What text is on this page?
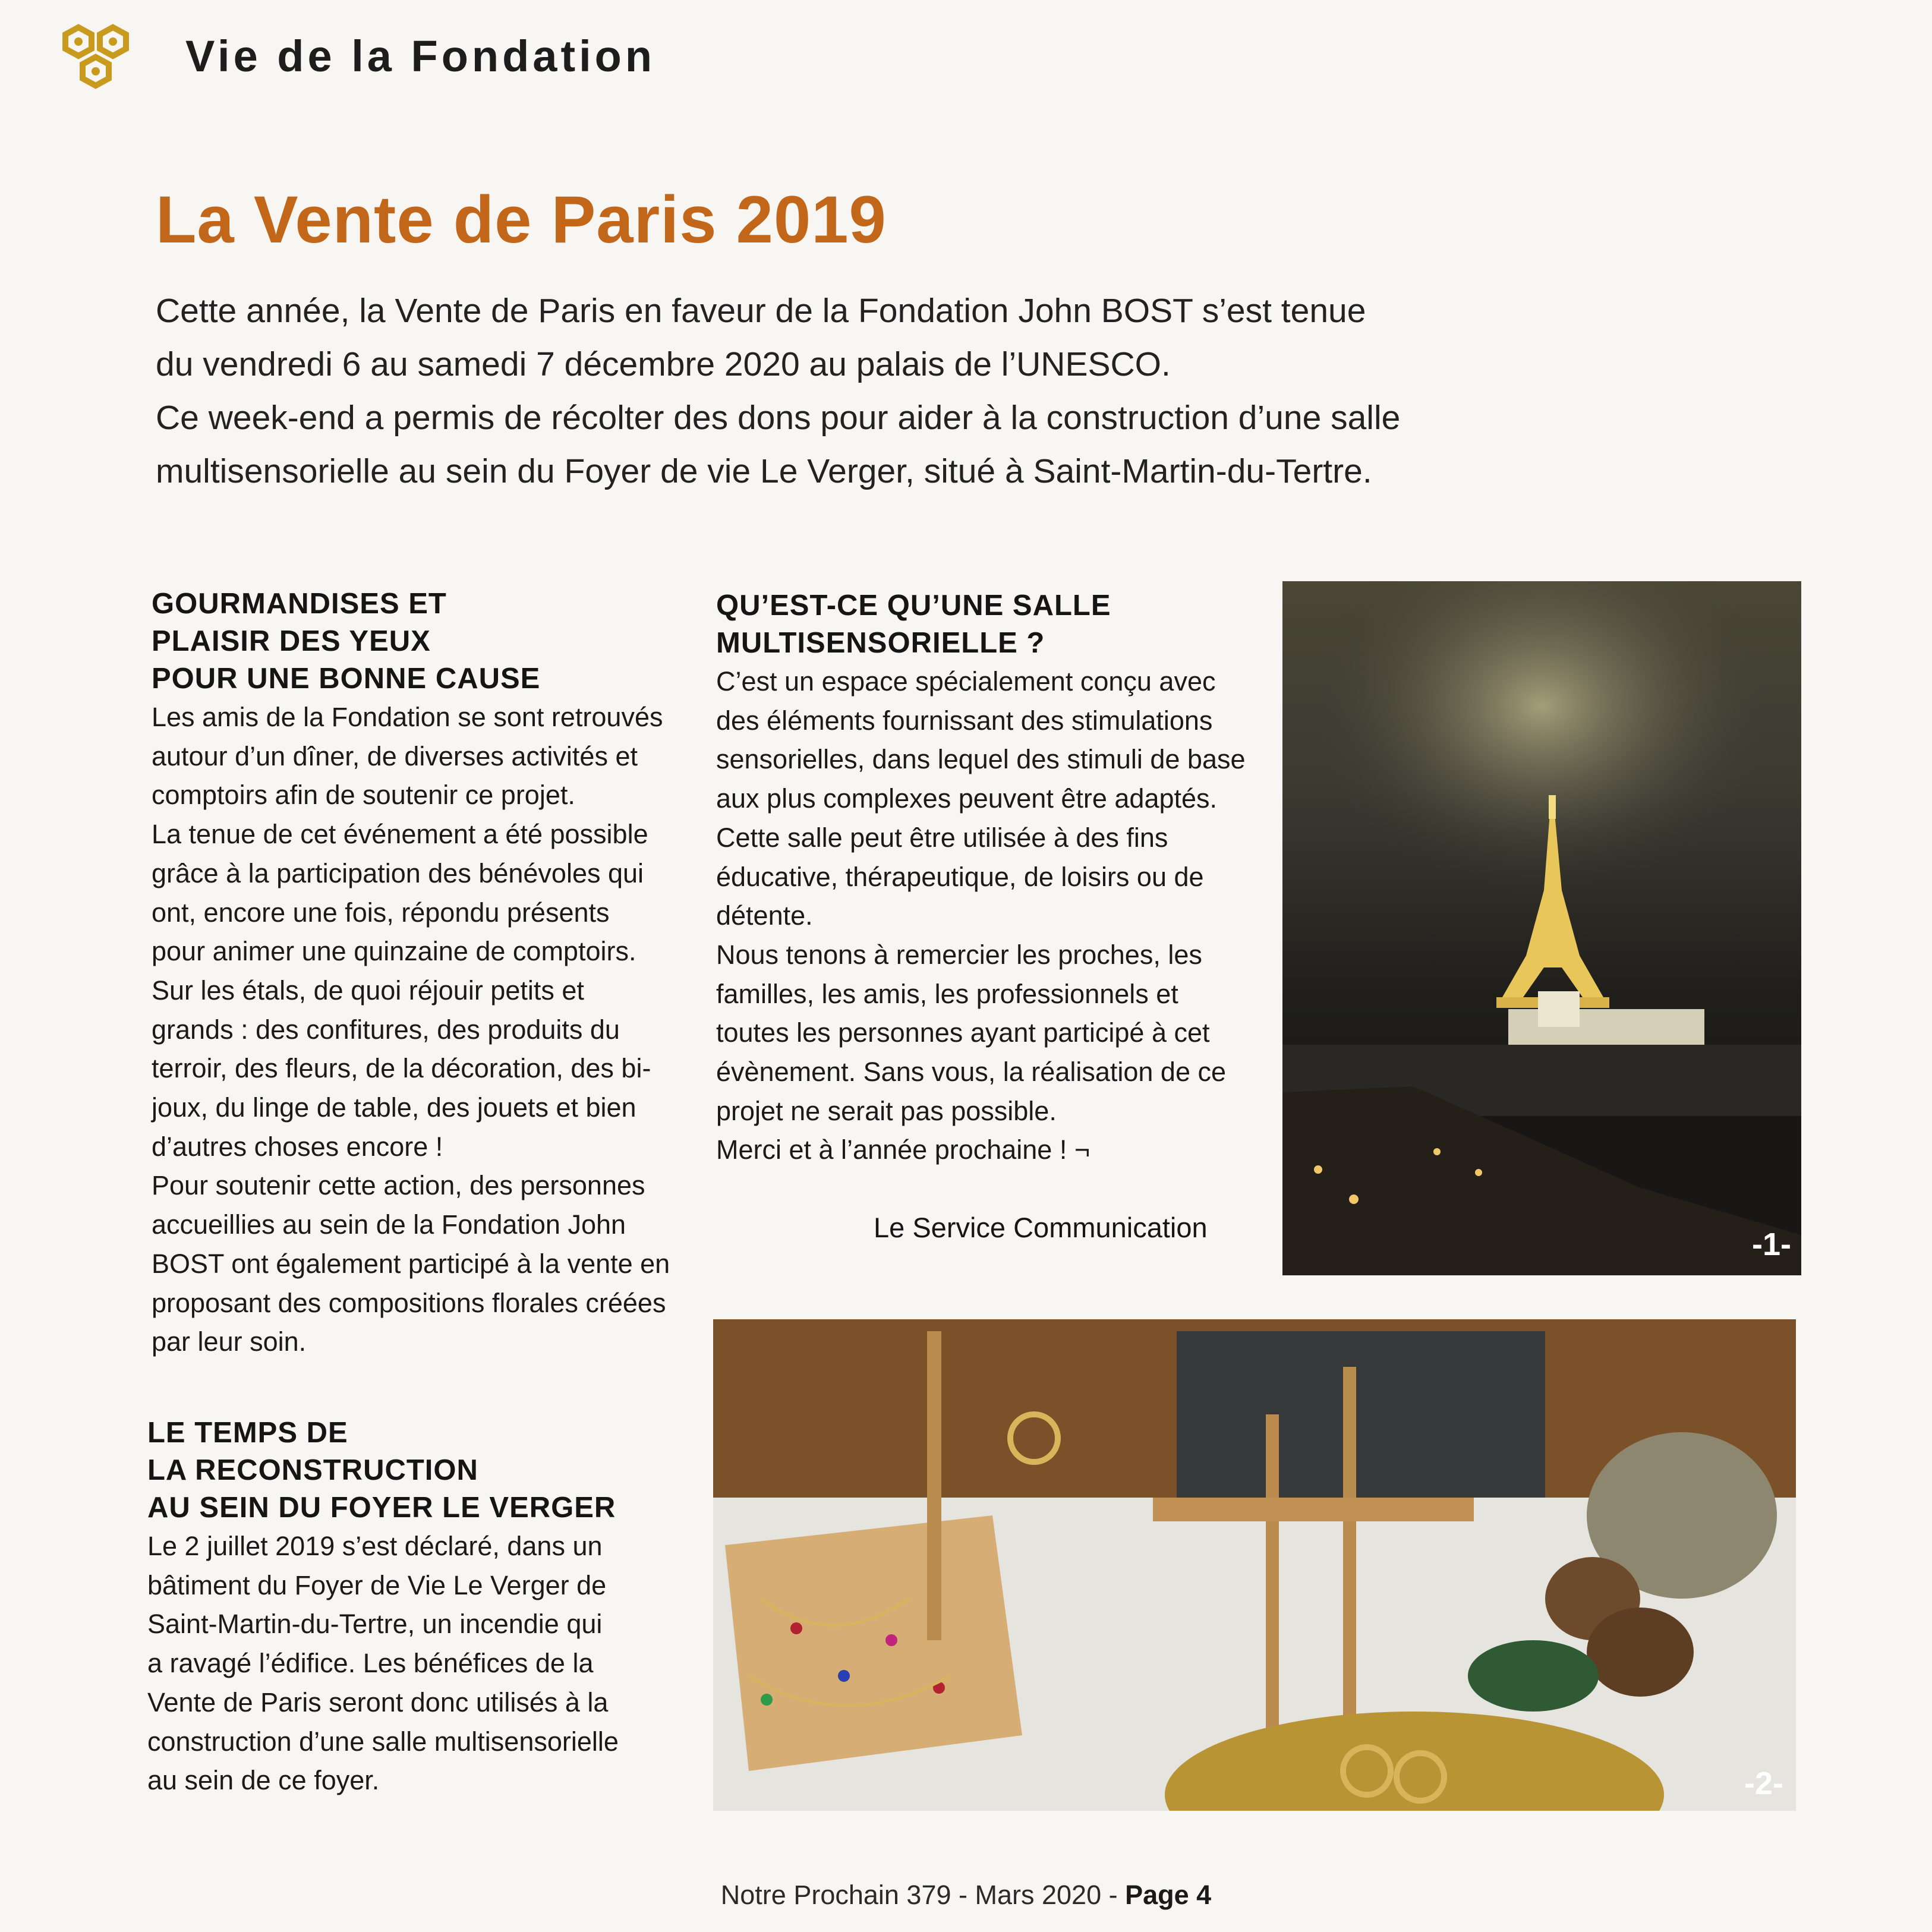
Vie de la Fondation
La Vente de Paris 2019
Cette année, la Vente de Paris en faveur de la Fondation John BOST s’est tenue
du vendredi 6 au samedi 7 décembre 2020 au palais de l’UNESCO.
Ce week-end a permis de récolter des dons pour aider à la construction d’une salle
multisensorielle au sein du Foyer de vie Le Verger, situé à Saint-Martin-du-Tertre.
GOURMANDISES ET
PLAISIR DES YEUX
POUR UNE BONNE CAUSE
Les amis de la Fondation se sont retrouvés
autour d’un dîner, de diverses activités et
comptoirs afin de soutenir ce projet.
La tenue de cet événement a été possible
grâce à la participation des bénévoles qui
ont, encore une fois, répondu présents
pour animer une quinzaine de comptoirs.
Sur les étals, de quoi réjouir petits et
grands : des confitures, des produits du
terroir, des fleurs, de la décoration, des bi-
joux, du linge de table, des jouets et bien
d’autres choses encore !
Pour soutenir cette action, des personnes
accueillies au sein de la Fondation John
BOST ont également participé à la vente en
proposant des compositions florales créées
par leur soin.
LE TEMPS DE
LA RECONSTRUCTION
AU SEIN DU FOYER LE VERGER
Le 2 juillet 2019 s’est déclaré, dans un
bâtiment du Foyer de Vie Le Verger de
Saint-Martin-du-Tertre, un incendie qui
a ravagé l’édifice. Les bénéfices de la
Vente de Paris seront donc utilisés à la
construction d’une salle multisensorielle
au sein de ce foyer.
QU’EST-CE QU’UNE SALLE
MULTISENSORIELLE ?
C’est un espace spécialement conçu avec
des éléments fournissant des stimulations
sensorielles, dans lequel des stimuli de base
aux plus complexes peuvent être adaptés.
Cette salle peut être utilisée à des fins
éducative, thérapeutique, de loisirs ou de
détente.
Nous tenons à remercier les proches, les
familles, les amis, les professionnels et
toutes les personnes ayant participé à cet
évènement. Sans vous, la réalisation de ce
projet ne serait pas possible.
Merci et à l’année prochaine ! ¬
Le Service Communication	-1-
-2-
Notre Prochain 379 - Mars 2020 - Page 4
